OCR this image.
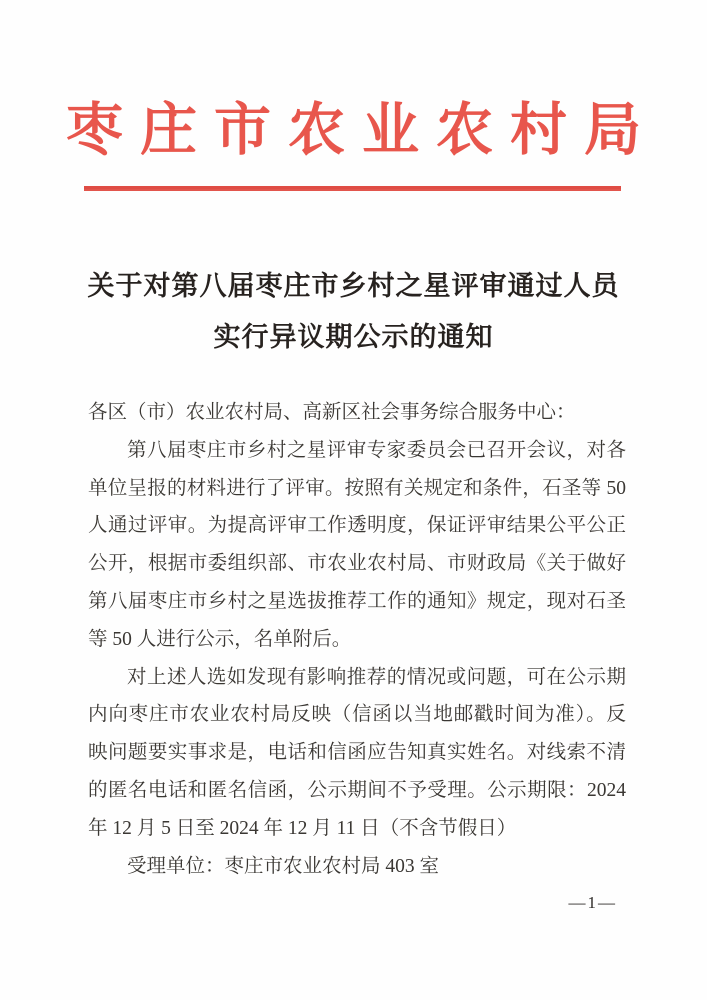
枣庄市农业农村局
关于对第八届枣庄市乡村之星评审通过人员
实行异议期公示的通知
各区（市）农业农村局、高新区社会事务综合服务中心：
第八届枣庄市乡村之星评审专家委员会已召开会议，对各
单位呈报的材料进行了评审。按照有关规定和条件，石圣等 50
人通过评审。为提高评审工作透明度，保证评审结果公平公正
公开，根据市委组织部、市农业农村局、市财政局《关于做好
第八届枣庄市乡村之星选拔推荐工作的通知》规定，现对石圣
等 50 人进行公示，名单附后。
对上述人选如发现有影响推荐的情况或问题，可在公示期
内向枣庄市农业农村局反映（信函以当地邮戳时间为准）。反
映问题要实事求是，电话和信函应告知真实姓名。对线索不清
的匿名电话和匿名信函，公示期间不予受理。公示期限：2024
年 12 月 5 日至 2024 年 12 月 11 日（不含节假日）
受理单位：枣庄市农业农村局 403 室
—1—
